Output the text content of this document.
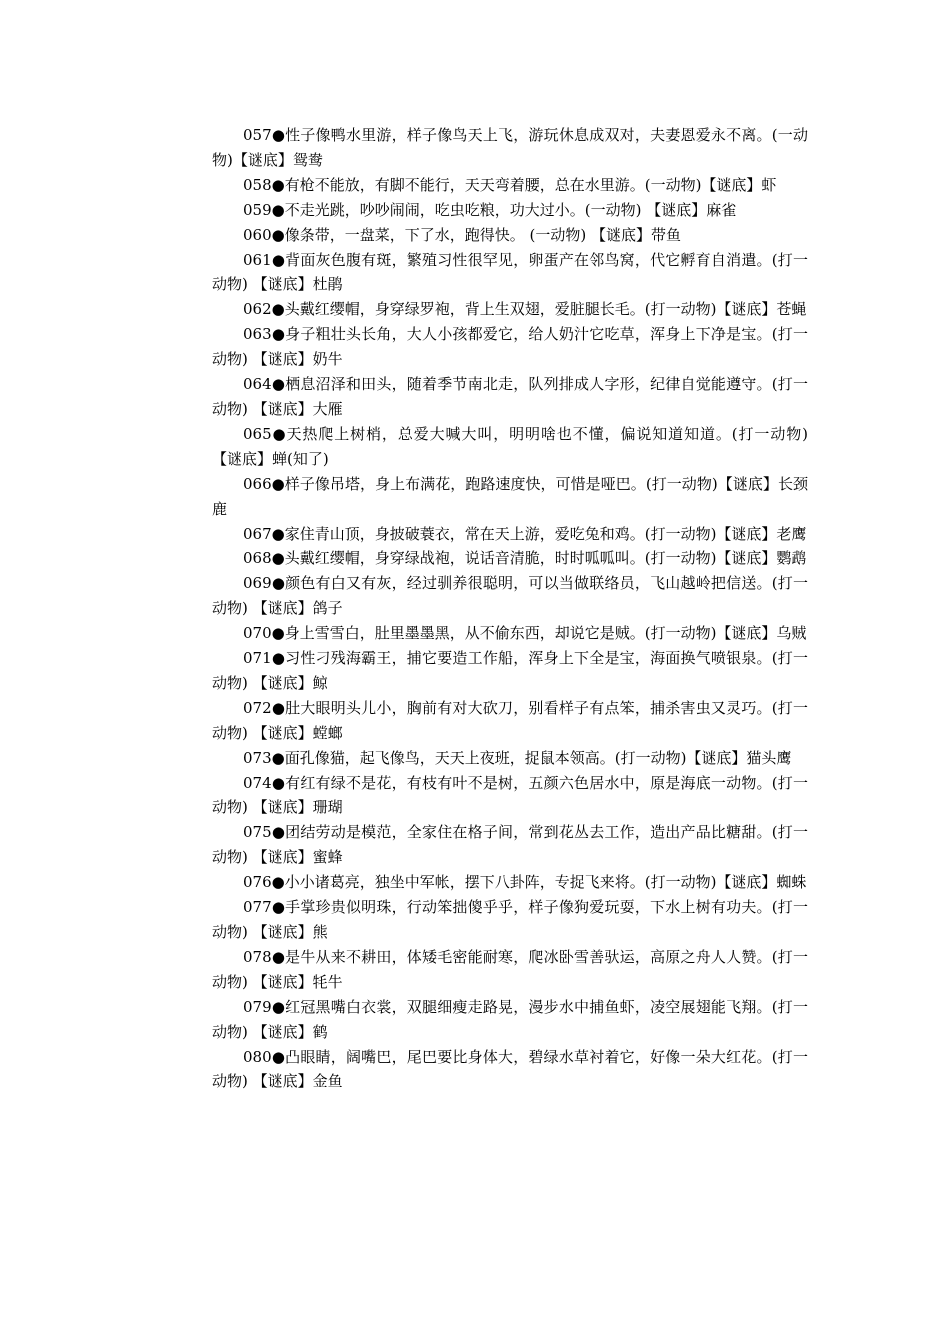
057●性子像鸭水里游，样子像鸟天上飞，游玩休息成双对，夫妻恩爱永不离。(一动物)【谜底】鸳鸯

058●有枪不能放，有脚不能行，天天弯着腰，总在水里游。(一动物)【谜底】虾

059●不走光跳，吵吵闹闹，吃虫吃粮，功大过小。(一动物) 【谜底】麻雀

060●像条带，一盘菜，下了水，跑得快。 (一动物) 【谜底】带鱼

061●背面灰色腹有斑，繁殖习性很罕见，卵蛋产在邻鸟窝，代它孵育自消遣。(打一动物) 【谜底】杜鹃

062●头戴红缨帽，身穿绿罗袍，背上生双翅，爱脏腿长毛。(打一动物)【谜底】苍蝇

063●身子粗壮头长角，大人小孩都爱它，给人奶汁它吃草，浑身上下净是宝。(打一动物) 【谜底】奶牛

064●栖息沼泽和田头，随着季节南北走，队列排成人字形，纪律自觉能遵守。(打一动物) 【谜底】大雁

065●天热爬上树梢，总爱大喊大叫，明明啥也不懂，偏说知道知道。(打一动物) 【谜底】蝉(知了)

066●样子像吊塔，身上布满花，跑路速度快，可惜是哑巴。(打一动物)【谜底】长颈鹿

067●家住青山顶，身披破蓑衣，常在天上游，爱吃兔和鸡。(打一动物)【谜底】老鹰

068●头戴红缨帽，身穿绿战袍，说话音清脆，时时呱呱叫。(打一动物)【谜底】鹦鹉

069●颜色有白又有灰，经过驯养很聪明，可以当做联络员，飞山越岭把信送。(打一动物) 【谜底】鸽子

070●身上雪雪白，肚里墨墨黑，从不偷东西，却说它是贼。(打一动物)【谜底】乌贼

071●习性刁残海霸王，捕它要造工作船，浑身上下全是宝，海面换气喷银泉。(打一动物) 【谜底】鲸

072●肚大眼明头儿小，胸前有对大砍刀，别看样子有点笨，捕杀害虫又灵巧。(打一动物) 【谜底】螳螂

073●面孔像猫，起飞像鸟，天天上夜班，捉鼠本领高。(打一动物)【谜底】猫头鹰

074●有红有绿不是花，有枝有叶不是树，五颜六色居水中，原是海底一动物。(打一动物) 【谜底】珊瑚

075●团结劳动是模范，全家住在格子间，常到花丛去工作，造出产品比糖甜。(打一动物) 【谜底】蜜蜂

076●小小诸葛亮，独坐中军帐，摆下八卦阵，专捉飞来将。(打一动物)【谜底】蜘蛛

077●手掌珍贵似明珠，行动笨拙傻乎乎，样子像狗爱玩耍，下水上树有功夫。(打一动物) 【谜底】熊

078●是牛从来不耕田，体矮毛密能耐寒，爬冰卧雪善驮运，高原之舟人人赞。(打一动物) 【谜底】牦牛

079●红冠黑嘴白衣裳，双腿细瘦走路晃，漫步水中捕鱼虾，凌空展翅能飞翔。(打一动物) 【谜底】鹤

080●凸眼睛，阔嘴巴，尾巴要比身体大，碧绿水草衬着它，好像一朵大红花。(打一动物) 【谜底】金鱼
